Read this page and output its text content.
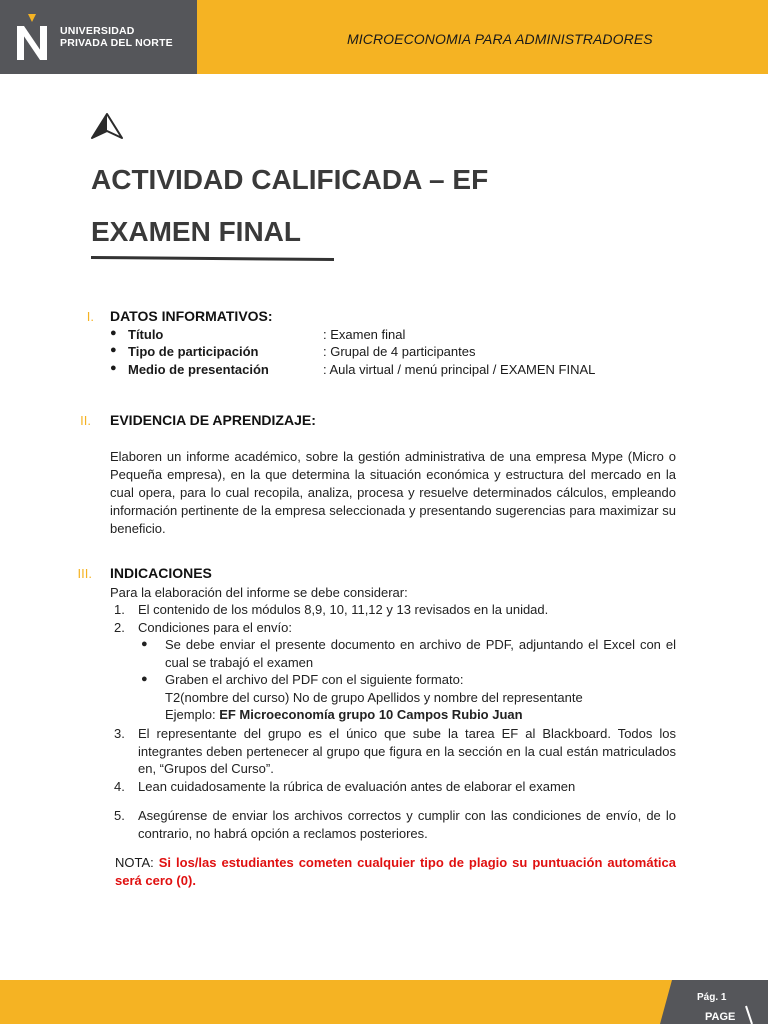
UNIVERSIDAD
PRIVADA DEL NORTE	MICROECONOMIA PARA ADMINISTRADORES
ACTIVIDAD CALIFICADA – EF
EXAMEN FINAL
I. DATOS INFORMATIVOS:
● Título	: Examen final
● Tipo de participación	: Grupal de 4 participantes
● Medio de presentación	: Aula virtual / menú principal / EXAMEN FINAL
II. EVIDENCIA DE APRENDIZAJE:
Elaboren un informe académico, sobre la gestión administrativa de una empresa Mype (Micro o Pequeña empresa), en la que determina la situación económica y estructura del mercado en la cual opera, para lo cual recopila, analiza, procesa y resuelve determinados cálculos, empleando información pertinente de la empresa seleccionada y presentando sugerencias para maximizar su beneficio.
III. INDICACIONES
Para la elaboración del informe se debe considerar:
1. El contenido de los módulos 8,9, 10, 11,12 y 13 revisados en la unidad.
2. Condiciones para el envío:
● Se debe enviar el presente documento en archivo de PDF, adjuntando el Excel con el cual se trabajó el examen
● Graben el archivo del PDF con el siguiente formato:
T2(nombre del curso) No de grupo Apellidos y nombre del representante
Ejemplo: EF Microeconomía grupo 10 Campos Rubio Juan
3. El representante del grupo es el único que sube la tarea EF al Blackboard. Todos los integrantes deben pertenecer al grupo que figura en la sección en la cual están matriculados en, “Grupos del Curso”.
4. Lean cuidadosamente la rúbrica de evaluación antes de elaborar el examen
5. Asegúrense de enviar los archivos correctos y cumplir con las condiciones de envío, de lo contrario, no habrá opción a reclamos posteriores.
NOTA: Si los/las estudiantes cometen cualquier tipo de plagio su puntuación automática será cero (0).
Pág. 1
PAGE
